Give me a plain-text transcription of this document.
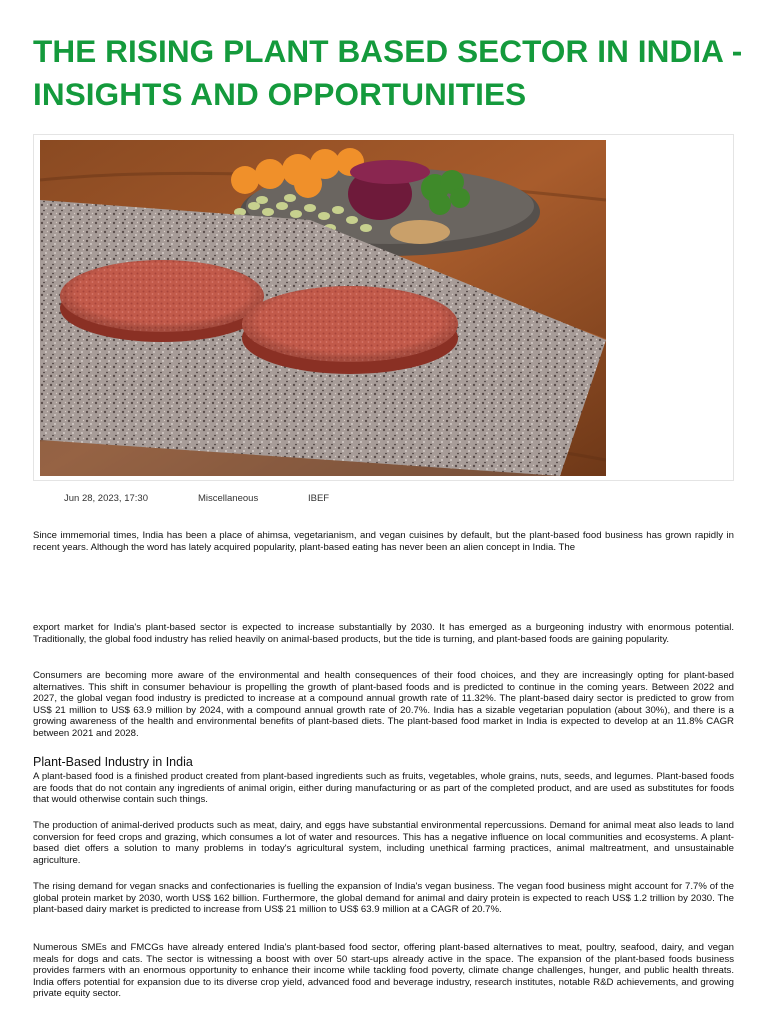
THE RISING PLANT BASED SECTOR IN INDIA - INSIGHTS AND OPPORTUNITIES
Jun 28, 2023, 17:30	Miscellaneous	IBEF

Since immemorial times, India has been a place of ahimsa, vegetarianism, and vegan cuisines by default, but the plant-based food business has grown rapidly in recent years. Although the word has lately acquired popularity, plant-based eating has never been an alien concept in India. The

export market for India's plant-based sector is expected to increase substantially by 2030. It has emerged as a burgeoning industry with enormous potential. Traditionally, the global food industry has relied heavily on animal-based products, but the tide is turning, and plant-based foods are gaining popularity.

Consumers are becoming more aware of the environmental and health consequences of their food choices, and they are increasingly opting for plant-based alternatives. This shift in consumer behaviour is propelling the growth of plant-based foods and is predicted to continue in the coming years. Between 2022 and 2027, the global vegan food industry is predicted to increase at a compound annual growth rate of 11.32%. The plant-based dairy sector is predicted to grow from US$ 21 million to US$ 63.9 million by 2024, with a compound annual growth rate of 20.7%. India has a sizable vegetarian population (about 30%), and there is a growing awareness of the health and environmental benefits of plant-based diets. The plant-based food market in India is expected to develop at an 11.8% CAGR between 2021 and 2028.

Plant-Based Industry in India

A plant-based food is a finished product created from plant-based ingredients such as fruits, vegetables, whole grains, nuts, seeds, and legumes. Plant-based foods are foods that do not contain any ingredients of animal origin, either during manufacturing or as part of the completed product, and are used as substitutes for foods that would otherwise contain such things.

The production of animal-derived products such as meat, dairy, and eggs have substantial environmental repercussions. Demand for animal meat also leads to land conversion for feed crops and grazing, which consumes a lot of water and resources. This has a negative influence on local communities and ecosystems. A plant-based diet offers a solution to many problems in today's agricultural system, including unethical farming practices, animal maltreatment, and unsustainable agriculture.

The rising demand for vegan snacks and confectionaries is fuelling the expansion of India's vegan business. The vegan food business might account for 7.7% of the global protein market by 2030, worth US$ 162 billion. Furthermore, the global demand for animal and dairy protein is expected to reach US$ 1.2 trillion by 2030. The plant-based dairy market is predicted to increase from US$ 21 million to US$ 63.9 million at a CAGR of 20.7%.

Numerous SMEs and FMCGs have already entered India's plant-based food sector, offering plant-based alternatives to meat, poultry, seafood, dairy, and vegan meals for dogs and cats. The sector is witnessing a boost with over 50 start-ups already active in the space. The expansion of the plant-based foods business provides farmers with an enormous opportunity to enhance their income while tackling food poverty, climate change challenges, hunger, and public health threats. India offers potential for expansion due to its diverse crop yield, advanced food and beverage industry, research institutes, notable R&D achievements, and growing private equity sector.
